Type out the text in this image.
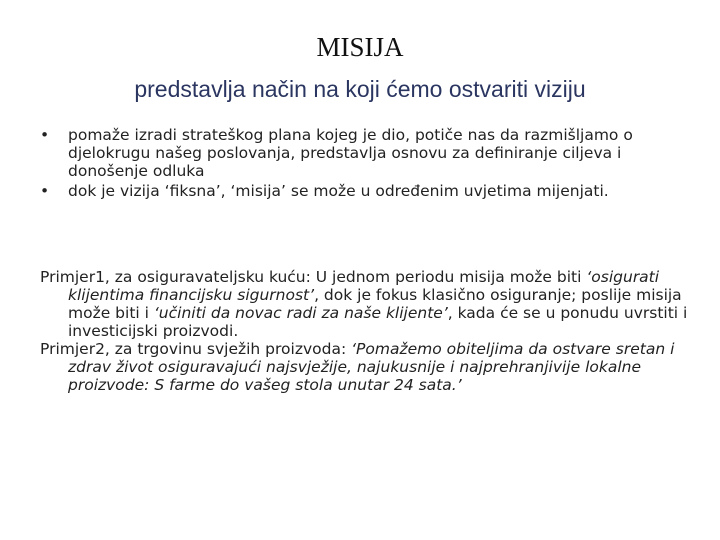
MISIJA
predstavlja način na koji ćemo ostvariti viziju
•	pomaže izradi strateškog plana kojeg je dio, potiče nas da razmišljamo o djelokrugu našeg poslovanja, predstavlja osnovu za definiranje ciljeva i donošenje odluka
•	dok je vizija ‘fiksna’, ‘misija’ se može u određenim uvjetima mijenjati.

Primjer1, za osiguravateljsku kuću: U jednom periodu misija može biti ‘osigurati klijentima financijsku sigurnost’, dok je fokus klasično osiguranje; poslije misija može biti i ‘učiniti da novac radi za naše klijente’, kada će se u ponudu uvrstiti i investicijski proizvodi.

Primjer2, za trgovinu svježih proizvoda: ‘Pomažemo obiteljima da ostvare sretan i zdrav život osiguravajući najsvježije, najukusnije i najprehranjivije lokalne proizvode: S farme do vašeg stola unutar 24 sata.’
